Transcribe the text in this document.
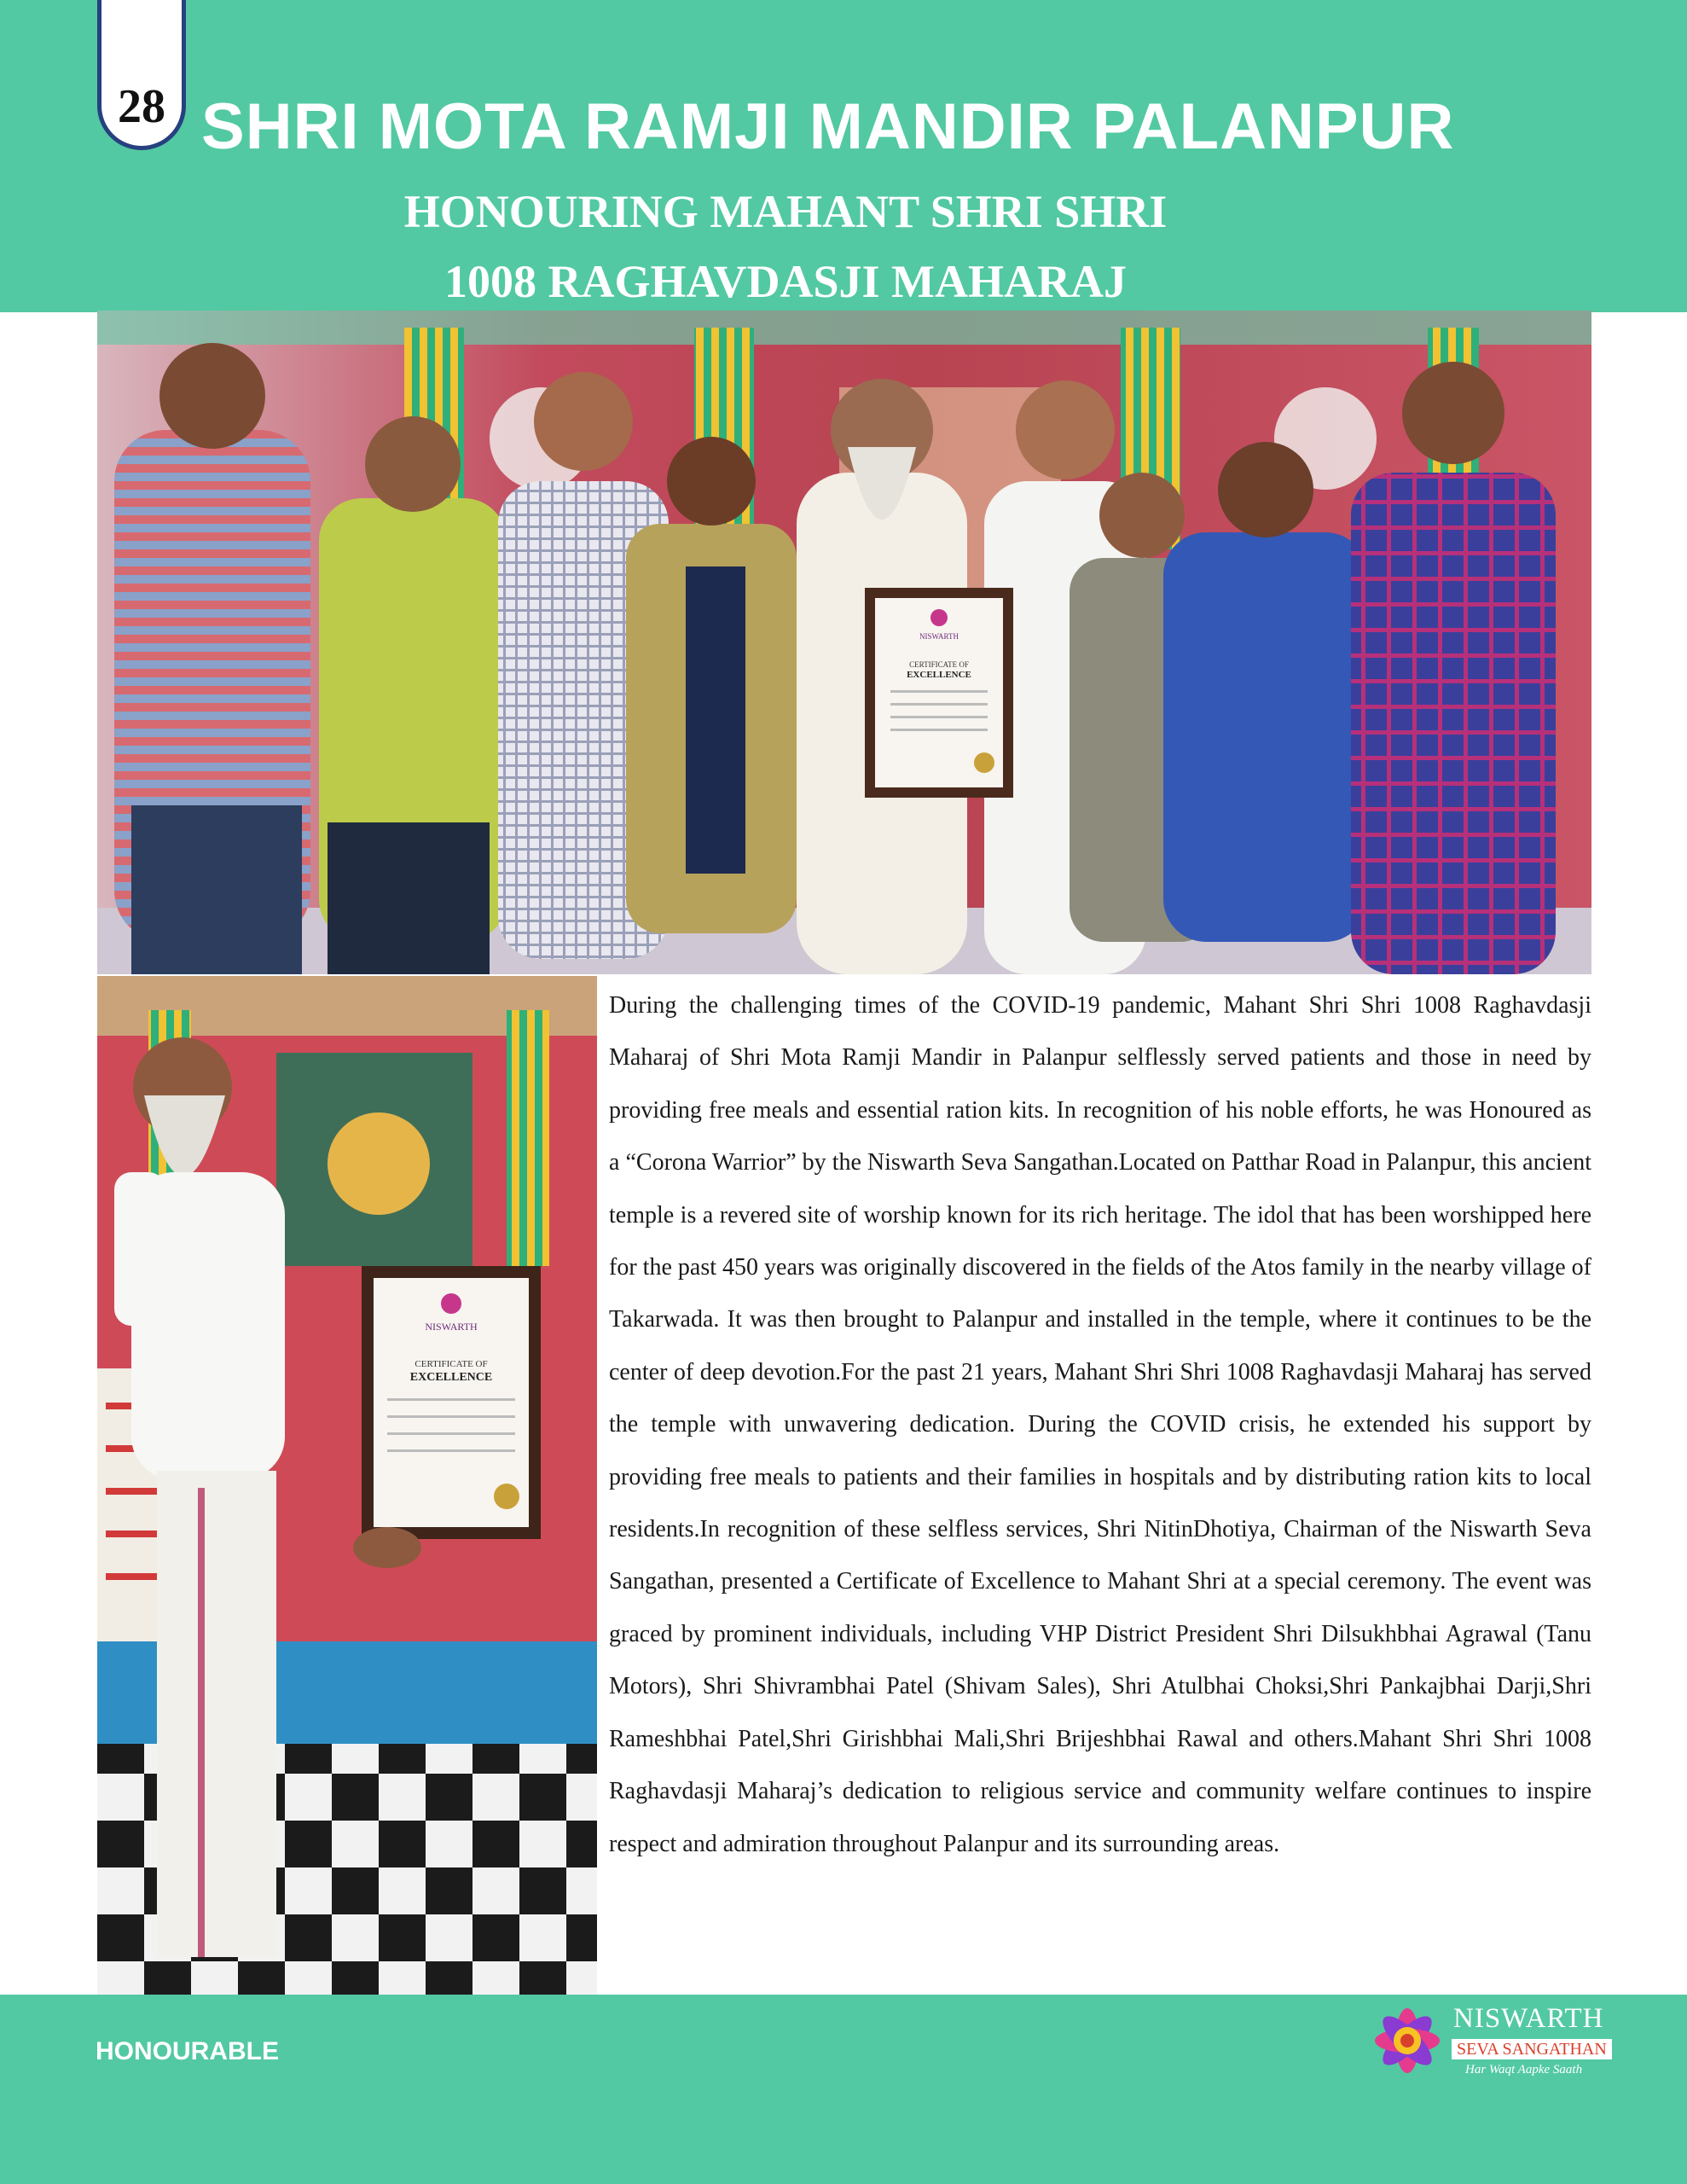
28 SHRI MOTA RAMJI MANDIR PALANPUR
HONOURING MAHANT SHRI SHRI
1008 RAGHAVDASJI MAHARAJ
NISWARTH
CERTIFICATE OF
EXCELLENCE
NISWARTH
CERTIFICATE OF
EXCELLENCE

During the challenging times of the COVID-19 pandemic, Mahant Shri Shri 1008 Raghavdasji Maharaj of Shri Mota Ramji Mandir in Palanpur selflessly served patients and those in need by providing free meals and essential ration kits. In recognition of his noble efforts, he was Honoured as a “Corona Warrior” by the Niswarth Seva Sangathan.Located on Patthar Road in Palanpur, this ancient temple is a revered site of worship known for its rich heritage. The idol that has been worshipped here for the past 450 years was originally discovered in the fields of the Atos family in the nearby village of Takarwada. It was then brought to Palanpur and installed in the temple, where it continues to be the center of deep devotion.For the past 21 years, Mahant Shri Shri 1008 Raghavdasji Maharaj has served the temple with unwavering dedication. During the COVID crisis, he extended his support by providing free meals to patients and their families in hospitals and by distributing ration kits to local residents.In recognition of these selfless services, Shri NitinDhotiya, Chairman of the Niswarth Seva Sangathan, presented a Certificate of Excellence to Mahant Shri at a special ceremony. The event was graced by prominent individuals, including VHP District President Shri Dilsukhbhai Agrawal (Tanu Motors), Shri Shivrambhai Patel (Shivam Sales), Shri Atulbhai Choksi,Shri Pankajbhai Darji,Shri Rameshbhai Patel,Shri Girishbhai Mali,Shri Brijeshbhai Rawal and others.Mahant Shri Shri 1008 Raghavdasji Maharaj’s dedication to religious service and community welfare continues to inspire respect and admiration throughout Palanpur and its surrounding areas.

HONOURABLE
NISWARTH
SEVA SANGATHAN
Har Waqt Aapke Saath
